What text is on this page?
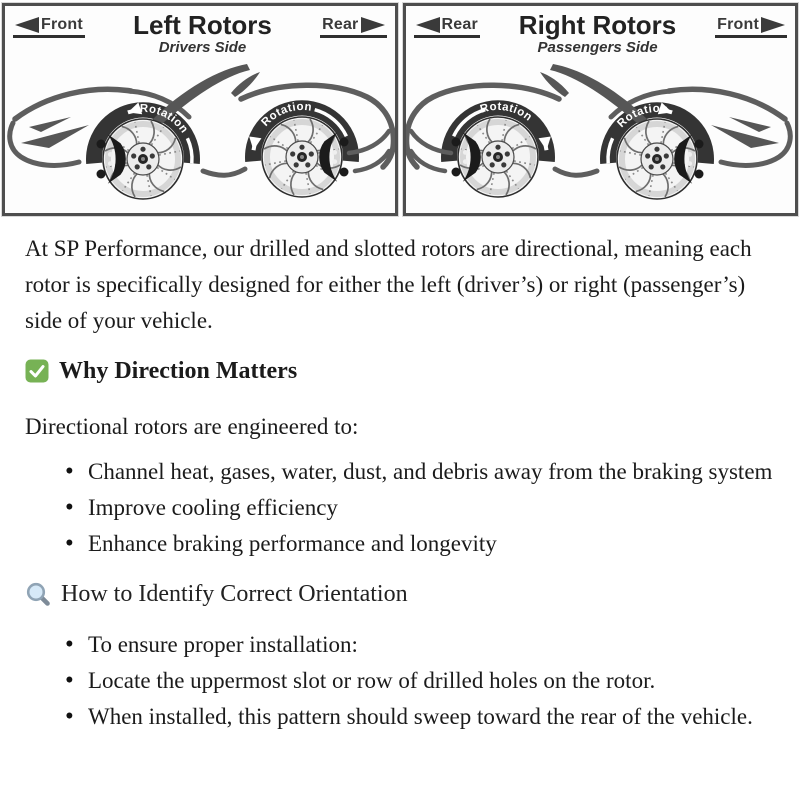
Front	Left Rotors
Drivers Side
Rear
Rotation
Rotation
Rear	Right Rotors
Passengers Side
Front
Rotation	Rotation

At SP Performance, our drilled and slotted rotors are directional, meaning each rotor is specifically designed for either the left (driver’s) or right (passenger’s) side of your vehicle.

Why Direction Matters

Directional rotors are engineered to:

• Channel heat, gases, water, dust, and debris away from the braking system
• Improve cooling efficiency
• Enhance braking performance and longevity
How to Identify Correct Orientation
• To ensure proper installation:
• Locate the uppermost slot or row of drilled holes on the rotor.
• When installed, this pattern should sweep toward the rear of the vehicle.
